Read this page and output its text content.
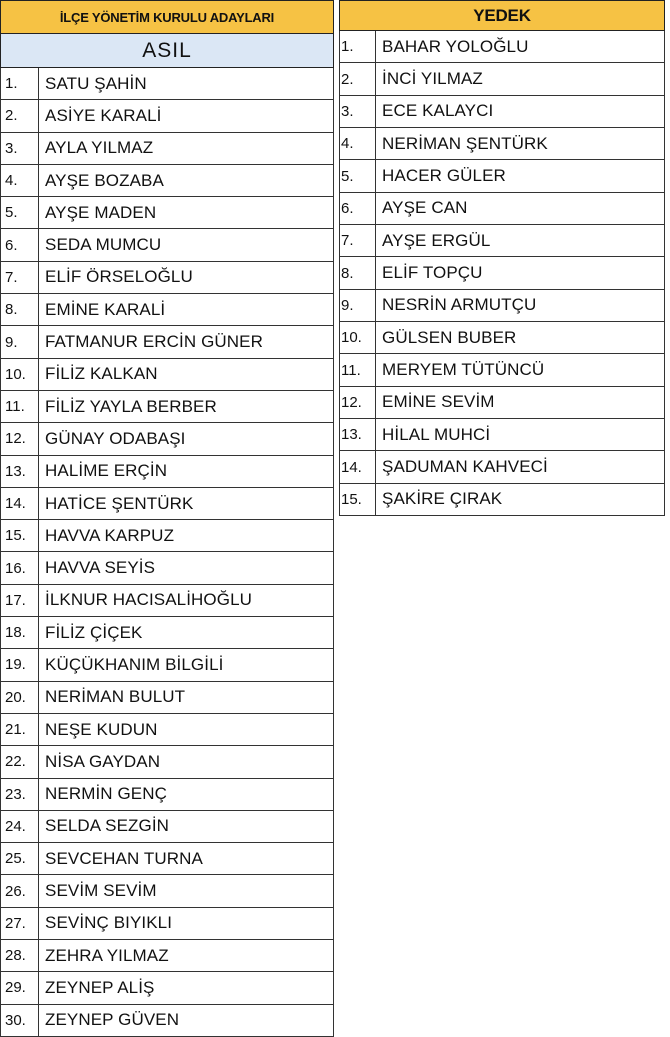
İLÇE YÖNETİM KURULU ADAYLARI
ASIL
1.	SATU ŞAHİN
2.	ASİYE KARALİ
3.	AYLA YILMAZ
4.	AYŞE BOZABA
5.	AYŞE MADEN
6.	SEDA MUMCU
7.	ELİF ÖRSELOĞLU
8.	EMİNE KARALİ
9.	FATMANUR ERCİN GÜNER
10.	FİLİZ KALKAN
11.	FİLİZ YAYLA BERBER
12.	GÜNAY ODABAŞI
13.	HALİME ERÇİN
14.	HATİCE ŞENTÜRK
15.	HAVVA KARPUZ
16.	HAVVA SEYİS
17.	İLKNUR HACISALİHOĞLU
18.	FİLİZ ÇİÇEK
19.	KÜÇÜKHANIM BİLGİLİ
20.	NERİMAN BULUT
21.	NEŞE KUDUN
22.	NİSA GAYDAN
23.	NERMİN GENÇ
24.	SELDA SEZGİN
25.	SEVCEHAN TURNA
26.	SEVİM SEVİM
27.	SEVİNÇ BIYIKLI
28.	ZEHRA YILMAZ
29.	ZEYNEP ALİŞ
30.	ZEYNEP GÜVEN
YEDEK
1.	BAHAR YOLOĞLU
2.	İNCİ YILMAZ
3.	ECE KALAYCI
4.	NERİMAN ŞENTÜRK
5.	HACER GÜLER
6.	AYŞE CAN
7.	AYŞE ERGÜL
8.	ELİF TOPÇU
9.	NESRİN ARMUTÇU
10.	GÜLSEN BUBER
11.	MERYEM TÜTÜNCÜ
12.	EMİNE SEVİM
13.	HİLAL MUHCİ
14.	ŞADUMAN KAHVECİ
15.	ŞAKİRE ÇIRAK
